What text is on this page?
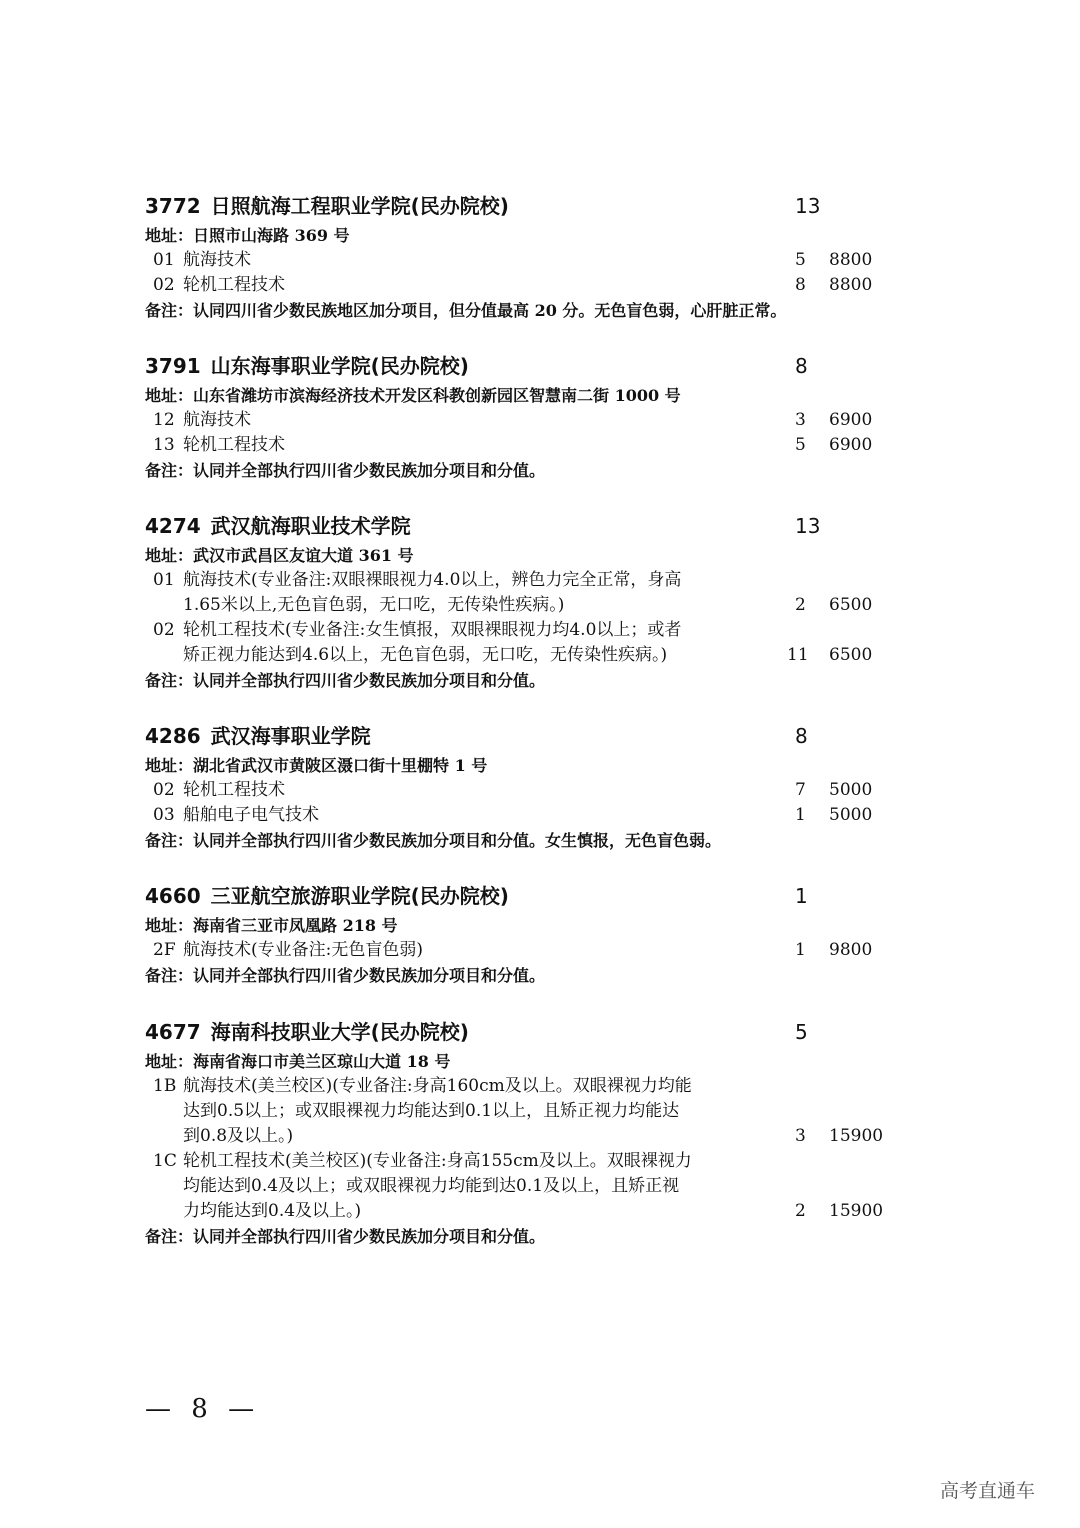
3772 日照航海工程职业学院(民办院校)	13
地址：日照市山海路 369 号
01 航海技术	5 8800
02 轮机工程技术	8 8800
备注：认同四川省少数民族地区加分项目，但分值最高 20 分。无色盲色弱，心肝脏正常。
3791 山东海事职业学院(民办院校)	8
地址：山东省潍坊市滨海经济技术开发区科教创新园区智慧南二街 1000 号
12 航海技术	3 6900
13 轮机工程技术	5 6900
备注：认同并全部执行四川省少数民族加分项目和分值。
4274 武汉航海职业技术学院	13
地址：武汉市武昌区友谊大道 361 号
01 航海技术(专业备注:双眼裸眼视力4.0以上，辨色力完全正常，身高
1.65米以上,无色盲色弱，无口吃，无传染性疾病。)	2 6500
02 轮机工程技术(专业备注:女生慎报，双眼裸眼视力均4.0以上；或者
矫正视力能达到4.6以上，无色盲色弱，无口吃，无传染性疾病。)	11 6500
备注：认同并全部执行四川省少数民族加分项目和分值。
4286 武汉海事职业学院	8
地址：湖北省武汉市黄陂区滠口街十里棚特 1 号
02 轮机工程技术	7 5000
03 船舶电子电气技术	1 5000
备注：认同并全部执行四川省少数民族加分项目和分值。女生慎报，无色盲色弱。
4660 三亚航空旅游职业学院(民办院校)	1
地址：海南省三亚市凤凰路 218 号
2F 航海技术(专业备注:无色盲色弱)	1 9800
备注：认同并全部执行四川省少数民族加分项目和分值。
4677 海南科技职业大学(民办院校)	5
地址：海南省海口市美兰区琼山大道 18 号
1B 航海技术(美兰校区)(专业备注:身高160cm及以上。双眼裸视力均能
达到0.5以上；或双眼裸视力均能达到0.1以上，且矫正视力均能达
到0.8及以上。)	3 15900
1C 轮机工程技术(美兰校区)(专业备注:身高155cm及以上。双眼裸视力
均能达到0.4及以上；或双眼裸视力均能到达0.1及以上，且矫正视
力均能达到0.4及以上。)	2 15900
备注：认同并全部执行四川省少数民族加分项目和分值。
— 8 —
高考直通车
